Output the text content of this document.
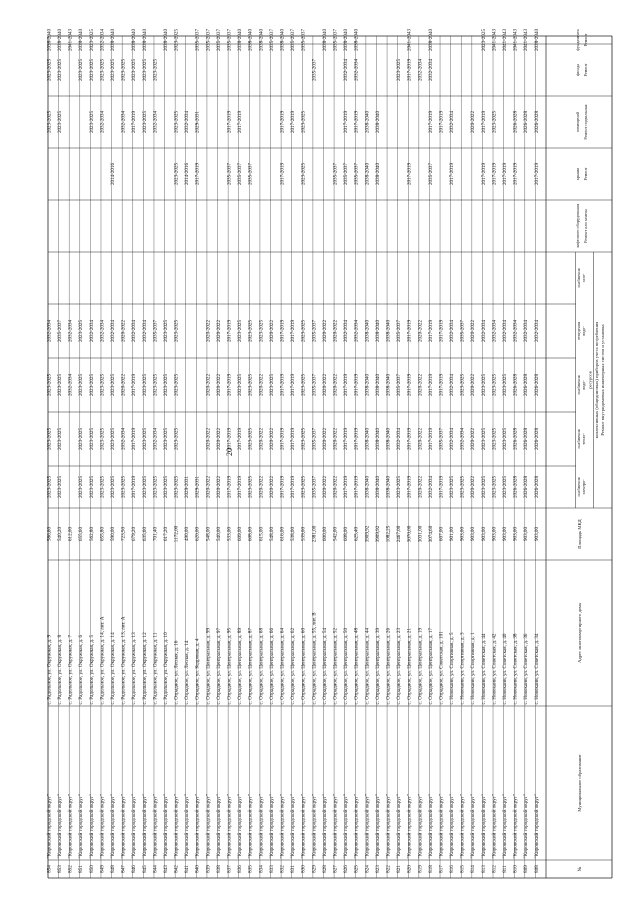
20
№
Муниципальное образование
Адрес многоквартирного дома
Площадь МКД
Ремонт внутридомовых инженерных систем и установка
коллективных (общедомовых) приборов учета потребления
ресурсов
электро-
снабжения
тепло-
снабжения
водо-
снабжения
водо-
отведения
газо-
снабжения
Ремонт или замена
лифтового оборудования
Ремонт
крыши
Ремонт подвальных
помещений
Ремонт
фасада
Ремонт
фундамента
808
"Кировский городской округ"
с. Новокаин, ул. Советская, д. 34
903,00
2026-2028
2026-2028
2026-2028
2032-2034
2017-2019
2026-2028
2038-2040
809
"Кировский городской округ"
с. Новокаин, ул. Советская, д. 36
903,00
2026-2028
2026-2028
2026-2028
2032-2034
2026-2028
2041-2043
810
"Кировский городской округ"
с. Новокаин, ул. Советская, д. 38
903,00
2026-2028
2026-2028
2026-2028
2032-2034
2017-2019
2026-2028
2041-2043
811
"Кировский городской округ"
с. Новокаин, ул. Советская, д. 40
903,00
2023-2025
2023-2025
2023-2025
2032-2034
2017-2019
2041-2043
812
"Кировский городской округ"
с. Новокаин, ул. Советская, д. 42
903,00
2023-2025
2023-2025
2023-2025
2032-2034
2017-2019
2023-2025
2041-2043
813
"Кировский городской округ"
с. Новокаин, ул. Советская, д. 44
903,00
2023-2025
2023-2025
2023-2025
2032-2034
2017-2019
2017-2019
2023-2025
814
"Кировский городской округ"
с. Новокаин, ул. Спортивная, д. 1
903,00
2020-2022
2020-2022
2020-2022
2020-2022
2020-2022
815
"Кировский городской округ"
с. Новокаин, ул. Спортивная, д. 3
903,00
2023-2025
2032-2034
2023-2025
2035-2037
816
"Кировский городской округ"
с. Новокаин, ул. Спортивная, д. 5
901,00
2023-2025
2032-2034
2032-2034
2032-2034
2017-2019
2032-2034
817
"Кировский городской округ"
с. Отрадное, ул. Советская, д. 101
607,00
2017-2019
2035-2037
2017-2019
2017-2019
2017-2019
818
"Кировский городской округ"
с. Отрадное, ул. Центральная, д. 17
3074,60
2032-2034
2017-2019
2017-2019
2017-2019
2035-2037
2017-2019
2032-2034
2038-2040
819
"Кировский городской округ"
с. Отрадное, ул. Центральная, д. 19
3031,00
2020-2022
2020-2022
2020-2022
2020-2022
2032-2034
820
"Кировский городской округ"
с. Отрадное, ул. Центральная, д. 21
3070,00
2017-2019
2017-2019
2017-2019
2017-2019
2017-2019
2017-2019
2041-2043
821
"Кировский городской округ"
с. Отрадное, ул. Центральная, д. 23
2467,00
2023-2025
2032-2034
2035-2037
2035-2037
2023-2025
822
"Кировский городской округ"
с. Отрадное, ул. Центральная, д. 26
1082,25
2038-2040
2038-2040
2038-2040
2038-2040
823
"Кировский городской округ"
с. Отрадное, ул. Центральная, д. 39
3909,92
2038-2040
2038-2040
2038-2040
2038-2040
2038-2040
2038-2040
824
"Кировский городской округ"
с. Отрадное, ул. Центральная, д. 44
3909,92
2038-2040
2038-2040
2038-2040
2038-2040
2038-2040
2038-2040
825
"Кировский городской округ"
с. Отрадное, ул. Центральная, д. 48
625,40
2017-2019
2017-2019
2017-2019
2032-2034
2035-2037
2017-2019
2032-2034
2038-2040
826
"Кировский городской округ"
с. Отрадное, ул. Центральная, д. 50
608,00
2017-2019
2017-2019
2017-2019
2032-2034
2035-2037
2017-2019
2032-2034
2038-2040
827
"Кировский городской округ"
с. Отрадное, ул. Центральная, д. 52
542,00
2020-2022
2020-2022
2020-2022
2020-2022
2035-2037
2035-2037
828
"Кировский городской округ"
с. Отрадное, ул. Центральная, д. 54
600,00
2020-2022
2020-2022
2020-2022
2020-2022
2038-2040
829
"Кировский городской округ"
с. Отрадное, ул. Центральная, д. 55, лит. В
2381,00
2035-2037
2035-2037
2035-2037
2035-2037
2035-2037
830
"Кировский городской округ"
с. Отрадное, ул. Центральная, д. 60
539,00
2023-2025
2023-2025
2023-2025
2023-2025
2023-2025
2023-2025
2035-2037
831
"Кировский городской округ"
с. Отрадное, ул. Центральная, д. 62
538,00
2017-2019
2017-2019
2017-2019
2017-2019
2017-2019
2035-2037
832
"Кировский городской округ"
с. Отрадное, ул. Центральная, д. 64
616,00
2017-2019
2017-2019
2017-2019
2017-2019
2017-2019
2017-2019
2038-2040
833
"Кировский городской округ"
с. Отрадное, ул. Центральная, д. 66
548,00
2020-2022
2020-2022
2023-2025
2020-2022
2035-2037
834
"Кировский городской округ"
с. Отрадное, ул. Центральная, д. 68
615,00
2020-2022
2020-2022
2020-2022
2023-2025
2038-2040
835
"Кировский городской округ"
с. Отрадное, ул. Центральная, д. 87
608,00
2023-2025
2023-2025
2023-2025
2023-2025
2035-2037
2038-2040
836
"Кировский городской округ"
с. Отрадное, ул. Центральная, д. 89
609,00
2017-2019
2017-2019
2023-2025
2023-2025
2035-2037
2017-2019
2038-2040
837
"Кировский городской округ"
с. Отрадное, ул. Центральная, д. 95
533,00
2017-2019
2017-2019
2017-2019
2017-2019
2035-2037
2017-2019
2035-2037
838
"Кировский городской округ"
с. Отрадное, ул. Центральная, д. 97
540,00
2020-2022
2020-2022
2020-2022
2020-2022
2035-2037
839
"Кировский городской округ"
с. Отрадное, ул. Центральная, д. 99
548,00
2020-2022
2020-2022
2020-2022
2020-2022
2035-2037
840
"Кировский городской округ"
с. Отрадное, ул. Кедровая, д. 4
620,00
2029-2031
2017-2019
2029-2031
2035-2037
841
"Кировский городской округ"
с. Отрадное, ул. Лесная, д. 14
490,00
2029-2031
2014-2016
2032-2034
842
"Кировский городской округ"
с. Отрадное, ул. Лесная, д. 16
1172,00
2023-2025
2023-2025
2023-2025
2023-2025
2023-2025
2023-2025
2023-2025
843
"Кировский городской округ"
с. Радольное, ул. Окружная, д. 10
617,20
2023-2025
2023-2025
2023-2025
2023-2025
2038-2040
844
"Кировский городской округ"
с. Радольное, ул. Окружная, д. 11
701,40
2023-2025
2032-2034
2023-2025
2035-2037
2032-2034
2023-2025
845
"Кировский городской округ"
с. Радольное, ул. Окружная, д. 12
635,60
2023-2025
2023-2025
2023-2025
2032-2034
2023-2025
2023-2025
2038-2040
846
"Кировский городской округ"
с. Радольное, ул. Окружная, д. 13
679,20
2017-2019
2017-2019
2017-2019
2032-2034
2017-2019
2023-2025
2038-2040
847
"Кировский городской округ"
с. Радольное, ул. Окружная, д. 13, лит. А
723,50
2023-2025
2032-2034
2020-2022
2020-2022
2032-2034
2023-2025
848
"Кировский городской округ"
с. Радольное, ул. Окружная, д. 14
590,00
2023-2025
2023-2025
2023-2025
2032-2034
2014-2016
2023-2025
2038-2040
849
"Кировский городской округ"
с. Радольное, ул. Окружная, д. 14, лит. А
655,80
2023-2025
2023-2025
2023-2025
2032-2034
2032-2034
2023-2025
2032-2034
850
"Кировский городской округ"
с. Радольное, ул. Окружная, д. 5
562,80
2023-2025
2023-2025
2023-2025
2032-2034
2023-2025
2023-2025
2023-2025
851
"Кировский городской округ"
с. Радольное, ул. Окружная, д. 6
655,60
2023-2025
2023-2025
2023-2025
2023-2025
2023-2025
2038-2040
852
"Кировский городской округ"
с. Радольное, ул. Окружная, д. 7
612,00
2032-2034
2032-2034
2041-2043
853
"Кировский городской округ"
с. Радольное, ул. Окружная, д. 8
540,20
2023-2025
2023-2025
2023-2025
2035-2037
2023-2025
2023-2025
2038-2040
854
"Кировский городской округ"
с. Радольное, ул. Окружная, д. 9
586,60
2023-2025
2023-2025
2023-2025
2032-2034
2023-2025
2023-2025
2038-2040
